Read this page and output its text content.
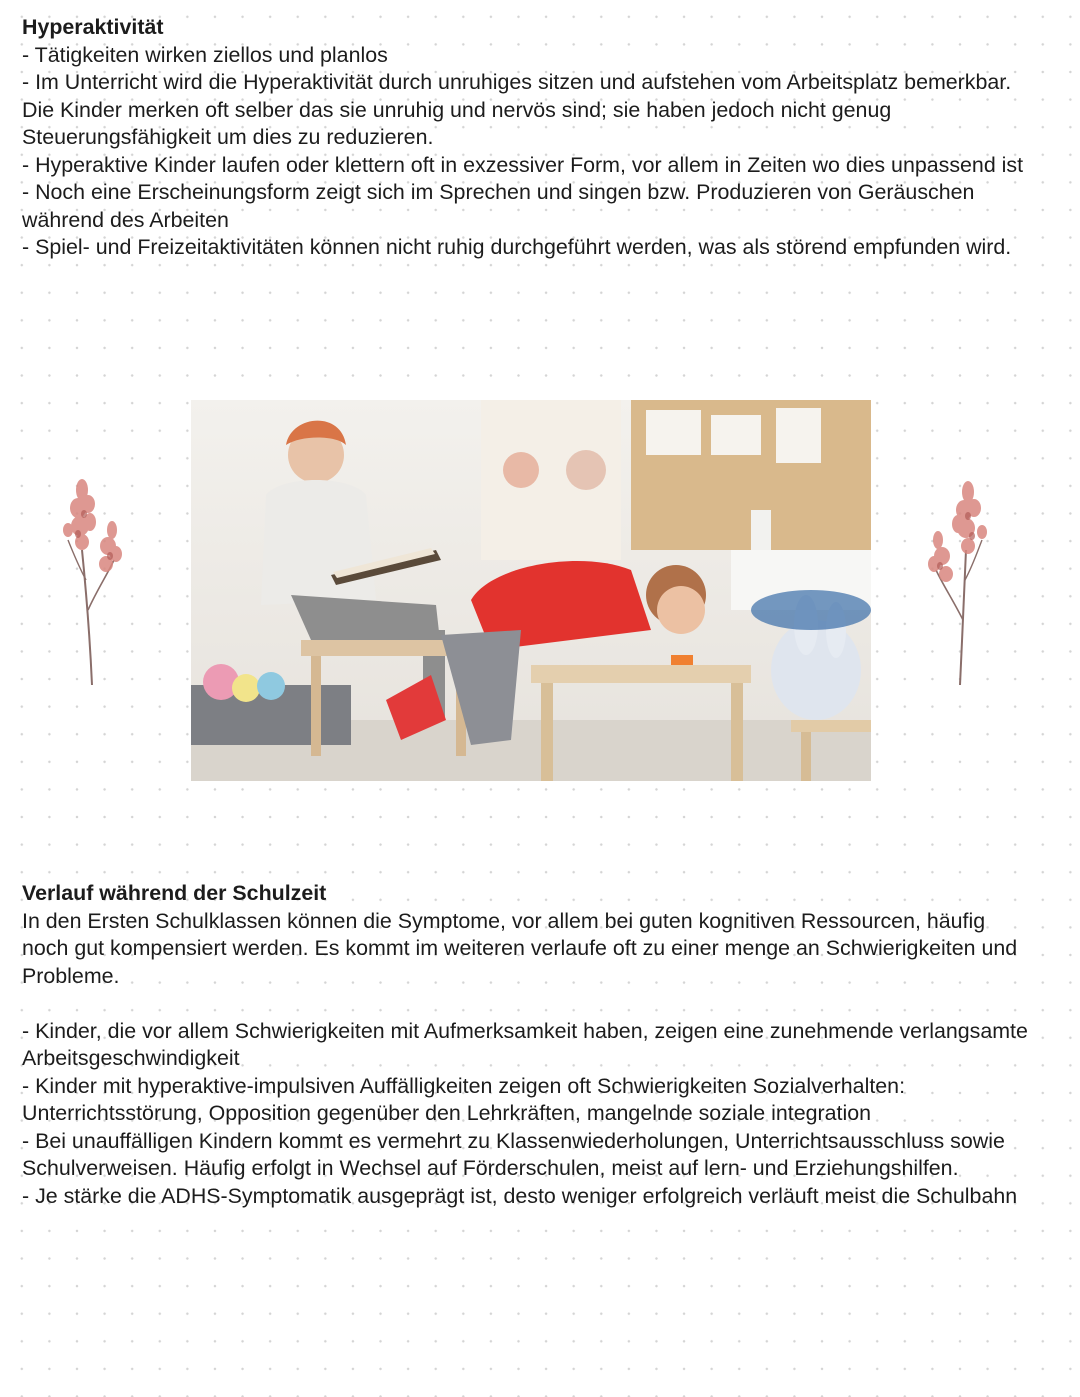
Hyperaktivität

- Tätigkeiten wirken ziellos und planlos

- Im Unterricht wird die Hyperaktivität durch unruhiges sitzen und aufstehen vom Arbeitsplatz bemerkbar. Die Kinder merken oft selber das sie unruhig und nervös sind; sie haben jedoch nicht genug Steuerungsfähigkeit um dies zu reduzieren.

- Hyperaktive Kinder laufen oder klettern oft in exzessiver Form, vor allem in Zeiten wo dies unpassend ist

- Noch eine Erscheinungsform zeigt sich im Sprechen und singen bzw. Produzieren von Geräuschen während des Arbeiten

- Spiel- und Freizeitaktivitäten können nicht ruhig durchgeführt werden, was als störend empfunden wird.

Verlauf während der Schulzeit

In den Ersten Schulklassen können die Symptome, vor allem bei guten kognitiven Ressourcen, häufig noch gut kompensiert werden. Es kommt im weiteren verlaufe oft zu einer menge an Schwierigkeiten und Probleme.

- Kinder, die vor allem Schwierigkeiten mit Aufmerksamkeit haben, zeigen eine zunehmende verlangsamte Arbeitsgeschwindigkeit

- Kinder mit hyperaktive-impulsiven Auffälligkeiten zeigen oft Schwierigkeiten Sozialverhalten: Unterrichtsstörung, Opposition gegenüber den Lehrkräften, mangelnde soziale integration

- Bei unauffälligen Kindern kommt es vermehrt zu Klassenwiederholungen, Unterrichtsausschluss sowie Schulverweisen. Häufig erfolgt in Wechsel auf Förderschulen, meist auf lern- und Erziehungshilfen.

- Je stärke die ADHS-Symptomatik ausgeprägt ist, desto weniger erfolgreich verläuft meist die Schulbahn
